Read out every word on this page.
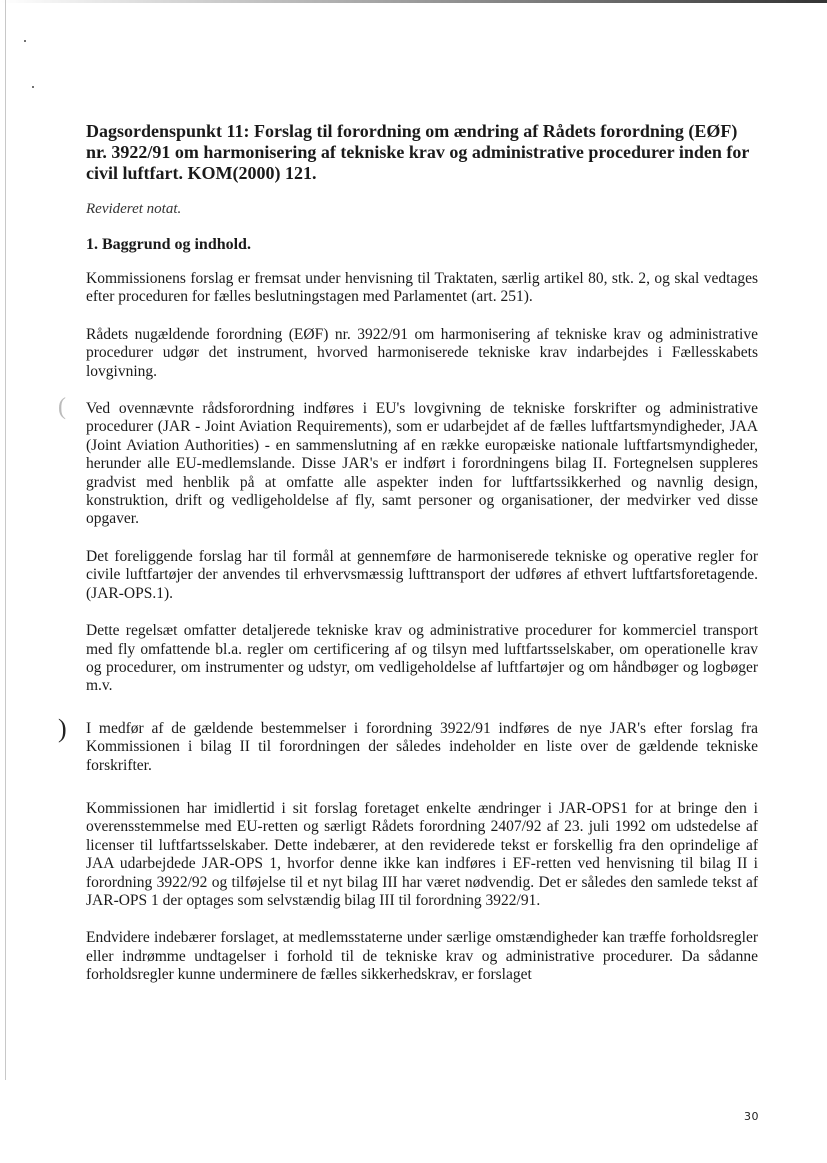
(
)
Dagsordenspunkt 11: Forslag til forordning om ændring af Rådets forordning (EØF) nr. 3922/91 om harmonisering af tekniske krav og administrative procedurer inden for civil luftfart. KOM(2000) 121.

Revideret notat.

1. Baggrund og indhold.

Kommissionens forslag er fremsat under henvisning til Traktaten, særlig artikel 80, stk. 2, og skal vedtages efter proceduren for fælles beslutningstagen med Parlamentet (art. 251).

Rådets nugældende forordning (EØF) nr. 3922/91 om harmonisering af tekniske krav og administrative procedurer udgør det instrument, hvorved harmoniserede tekniske krav indarbejdes i Fællesskabets lovgivning.

Ved ovennævnte rådsforordning indføres i EU's lovgivning de tekniske forskrifter og administrative procedurer (JAR - Joint Aviation Requirements), som er udarbejdet af de fælles luftfartsmyndigheder, JAA (Joint Aviation Authorities) - en sammenslutning af en række europæiske nationale luftfartsmyndigheder, herunder alle EU-medlemslande. Disse JAR's er indført i forordningens bilag II. Fortegnelsen suppleres gradvist med henblik på at omfatte alle aspekter inden for luftfartssikkerhed og navnlig design, konstruktion, drift og vedligeholdelse af fly, samt personer og organisationer, der medvirker ved disse opgaver.

Det foreliggende forslag har til formål at gennemføre de harmoniserede tekniske og operative regler for civile luftfartøjer der anvendes til erhvervsmæssig lufttransport der udføres af ethvert luftfartsforetagende. (JAR-OPS.1).

Dette regelsæt omfatter detaljerede tekniske krav og administrative procedurer for kommerciel transport med fly omfattende bl.a. regler om certificering af og tilsyn med luftfartsselskaber, om operationelle krav og procedurer, om instrumenter og udstyr, om vedligeholdelse af luftfartøjer og om håndbøger og logbøger m.v.

I medfør af de gældende bestemmelser i forordning 3922/91 indføres de nye JAR's efter forslag fra Kommissionen i bilag II til forordningen der således indeholder en liste over de gældende tekniske forskrifter.

Kommissionen har imidlertid i sit forslag foretaget enkelte ændringer i JAR-OPS1 for at bringe den i overensstemmelse med EU-retten og særligt Rådets forordning 2407/92 af 23. juli 1992 om udstedelse af licenser til luftfartsselskaber. Dette indebærer, at den reviderede tekst er forskellig fra den oprindelige af JAA udarbejdede JAR-OPS 1, hvorfor denne ikke kan indføres i EF-retten ved henvisning til bilag II i forordning 3922/92 og tilføjelse til et nyt bilag III har været nødvendig. Det er således den samlede tekst af JAR-OPS 1 der optages som selvstændig bilag III til forordning 3922/91.

Endvidere indebærer forslaget, at medlemsstaterne under særlige omstændigheder kan træffe forholdsregler eller indrømme undtagelser i forhold til de tekniske krav og administrative procedurer. Da sådanne forholdsregler kunne underminere de fælles sikkerhedskrav, er forslaget

30
